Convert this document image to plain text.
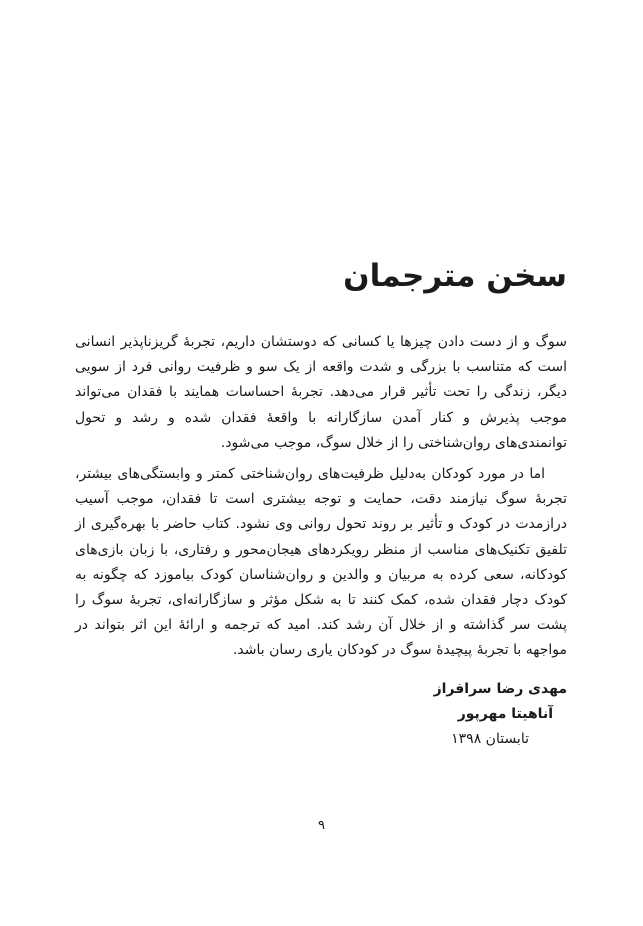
سخن مترجمان

سوگ و از دست دادن چیزها یا کسانی که دوستشان داریم، تجربهٔ گریزناپذیر انسانی است که متناسب با بزرگی و شدت واقعه از یک سو و ظرفیت روانی فرد از سویی دیگر، زندگی را تحت تأثیر قرار می‌دهد. تجربهٔ احساسات همایند با فقدان می‌تواند موجب پذیرش و کنار آمدن سازگارانه با واقعهٔ فقدان شده و رشد و تحول توانمندی‌های روان‌شناختی را از خلال سوگ، موجب می‌شود.

اما در مورد کودکان به‌دلیل ظرفیت‌های روان‌شناختی کمتر و وابستگی‌های بیشتر، تجربهٔ سوگ نیازمند دقت، حمایت و توجه بیشتری است تا فقدان، موجب آسیب درازمدت در کودک و تأثیر بر روند تحول روانی وی نشود. کتاب حاضر با بهره‌گیری از تلفیق تکنیک‌های مناسب از منظر رویکردهای هیجان‌محور و رفتاری، با زبان بازی‌های کودکانه، سعی کرده به مربیان و والدین و روان‌شناسان کودک بیاموزد که چگونه به کودک دچار فقدان شده، کمک کنند تا به شکل مؤثر و سازگارانه‌ای، تجربهٔ سوگ را پشت سر گذاشته و از خلال آن رشد کند. امید که ترجمه و ارائهٔ این اثر بتواند در مواجهه با تجربهٔ پیچیدهٔ سوگ در کودکان یاری رسان باشد.

مهدی رضا سرافراز
آناهیتا مهرپور
تابستان ۱۳۹۸
۹
